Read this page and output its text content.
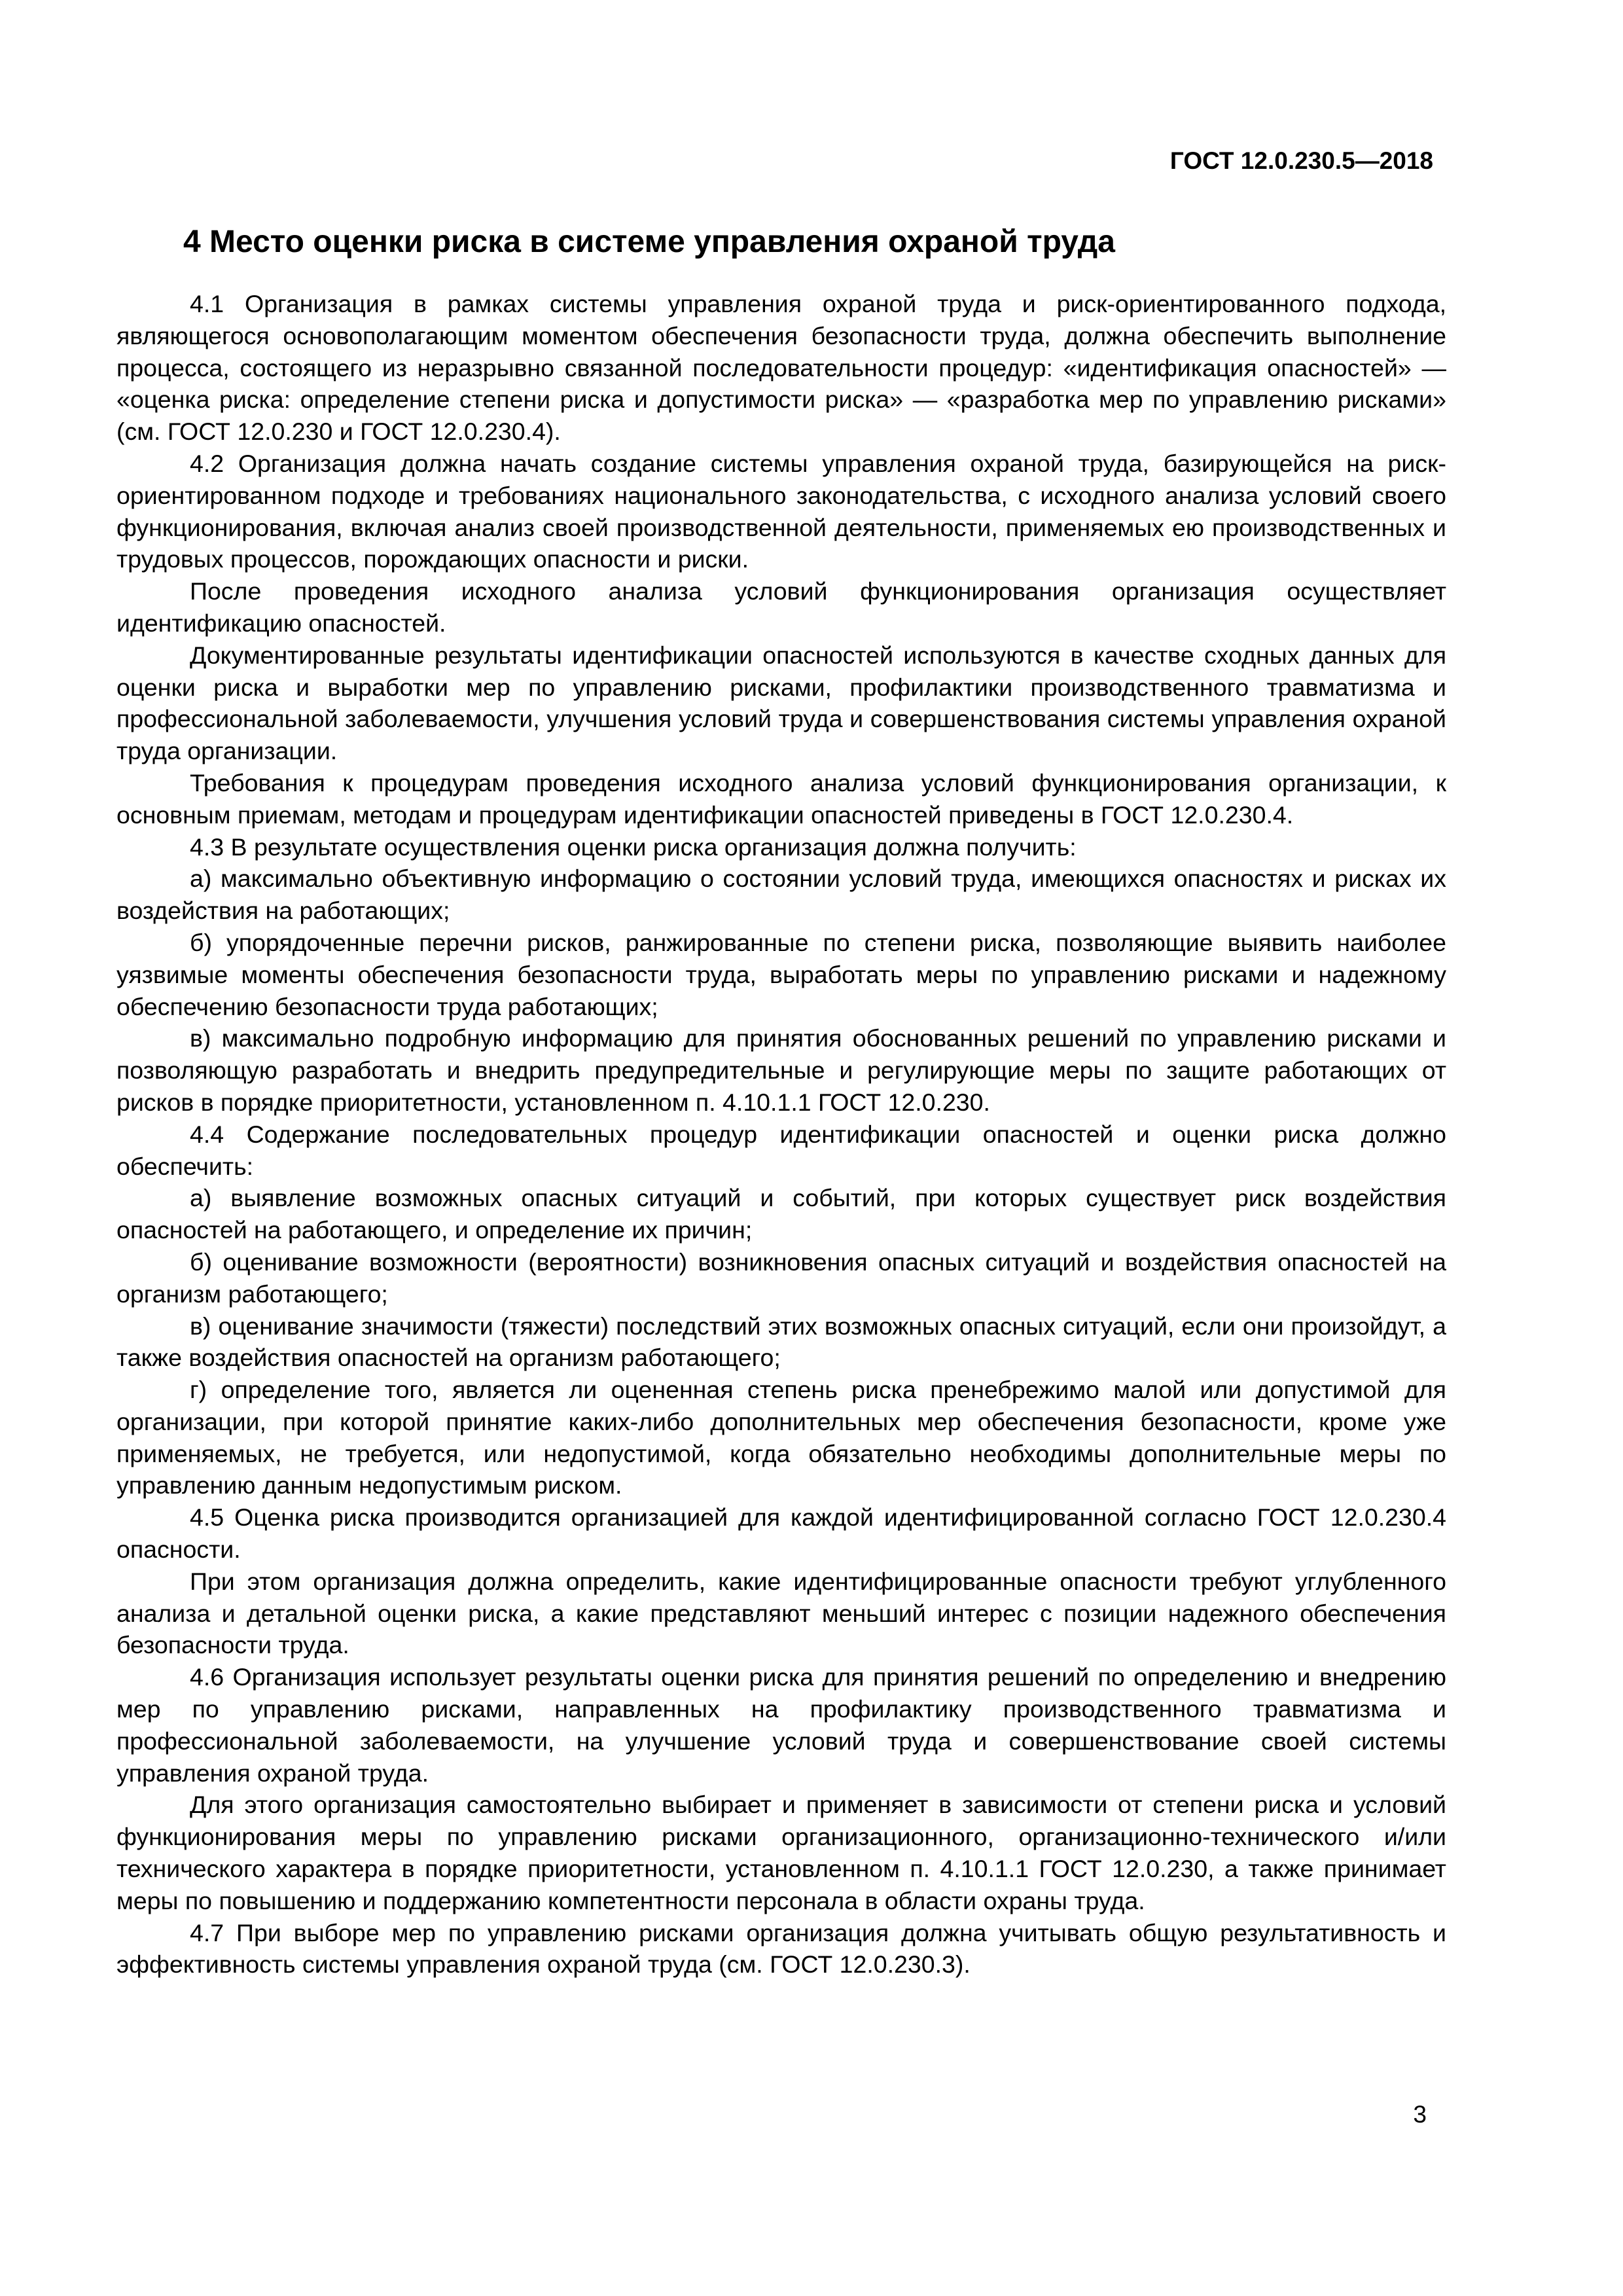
ГОСТ 12.0.230.5—2018
4 Место оценки риска в системе управления охраной труда

4.1 Организация в рамках системы управления охраной труда и риск-ориентированного подхода, являющегося основополагающим моментом обеспечения безопасности труда, должна обеспечить выполнение процесса, состоящего из неразрывно связанной последовательности процедур: «идентификация опасностей» — «оценка риска: определение степени риска и допустимости риска» — «разработка мер по управлению рисками» (см. ГОСТ 12.0.230 и ГОСТ 12.0.230.4).

4.2 Организация должна начать создание системы управления охраной труда, базирующейся на риск-ориентированном подходе и требованиях национального законодательства, с исходного анализа условий своего функционирования, включая анализ своей производственной деятельности, применяемых ею производственных и трудовых процессов, порождающих опасности и риски.

После проведения исходного анализа условий функционирования организация осуществляет идентификацию опасностей.

Документированные результаты идентификации опасностей используются в качестве сходных данных для оценки риска и выработки мер по управлению рисками, профилактики производственного травматизма и профессиональной заболеваемости, улучшения условий труда и совершенствования системы управления охраной труда организации.

Требования к процедурам проведения исходного анализа условий функционирования организации, к основным приемам, методам и процедурам идентификации опасностей приведены в ГОСТ 12.0.230.4.

4.3 В результате осуществления оценки риска организация должна получить:

а) максимально объективную информацию о состоянии условий труда, имеющихся опасностях и рисках их воздействия на работающих;

б) упорядоченные перечни рисков, ранжированные по степени риска, позволяющие выявить наиболее уязвимые моменты обеспечения безопасности труда, выработать меры по управлению рисками и надежному обеспечению безопасности труда работающих;

в) максимально подробную информацию для принятия обоснованных решений по управлению рисками и позволяющую разработать и внедрить предупредительные и регулирующие меры по защите работающих от рисков в порядке приоритетности, установленном п. 4.10.1.1 ГОСТ 12.0.230.

4.4 Содержание последовательных процедур идентификации опасностей и оценки риска должно обеспечить:

а) выявление возможных опасных ситуаций и событий, при которых существует риск воздействия опасностей на работающего, и определение их причин;

б) оценивание возможности (вероятности) возникновения опасных ситуаций и воздействия опасностей на организм работающего;

в) оценивание значимости (тяжести) последствий этих возможных опасных ситуаций, если они произойдут, а также воздействия опасностей на организм работающего;

г) определение того, является ли оцененная степень риска пренебрежимо малой или допустимой для организации, при которой принятие каких-либо дополнительных мер обеспечения безопасности, кроме уже применяемых, не требуется, или недопустимой, когда обязательно необходимы дополнительные меры по управлению данным недопустимым риском.

4.5 Оценка риска производится организацией для каждой идентифицированной согласно ГОСТ 12.0.230.4 опасности.

При этом организация должна определить, какие идентифицированные опасности требуют углубленного анализа и детальной оценки риска, а какие представляют меньший интерес с позиции надежного обеспечения безопасности труда.

4.6 Организация использует результаты оценки риска для принятия решений по определению и внедрению мер по управлению рисками, направленных на профилактику производственного травматизма и профессиональной заболеваемости, на улучшение условий труда и совершенствование своей системы управления охраной труда.

Для этого организация самостоятельно выбирает и применяет в зависимости от степени риска и условий функционирования меры по управлению рисками организационного, организационно-технического и/или технического характера в порядке приоритетности, установленном п. 4.10.1.1 ГОСТ 12.0.230, а также принимает меры по повышению и поддержанию компетентности персонала в области охраны труда.

4.7 При выборе мер по управлению рисками организация должна учитывать общую результативность и эффективность системы управления охраной труда (см. ГОСТ 12.0.230.3).

3
